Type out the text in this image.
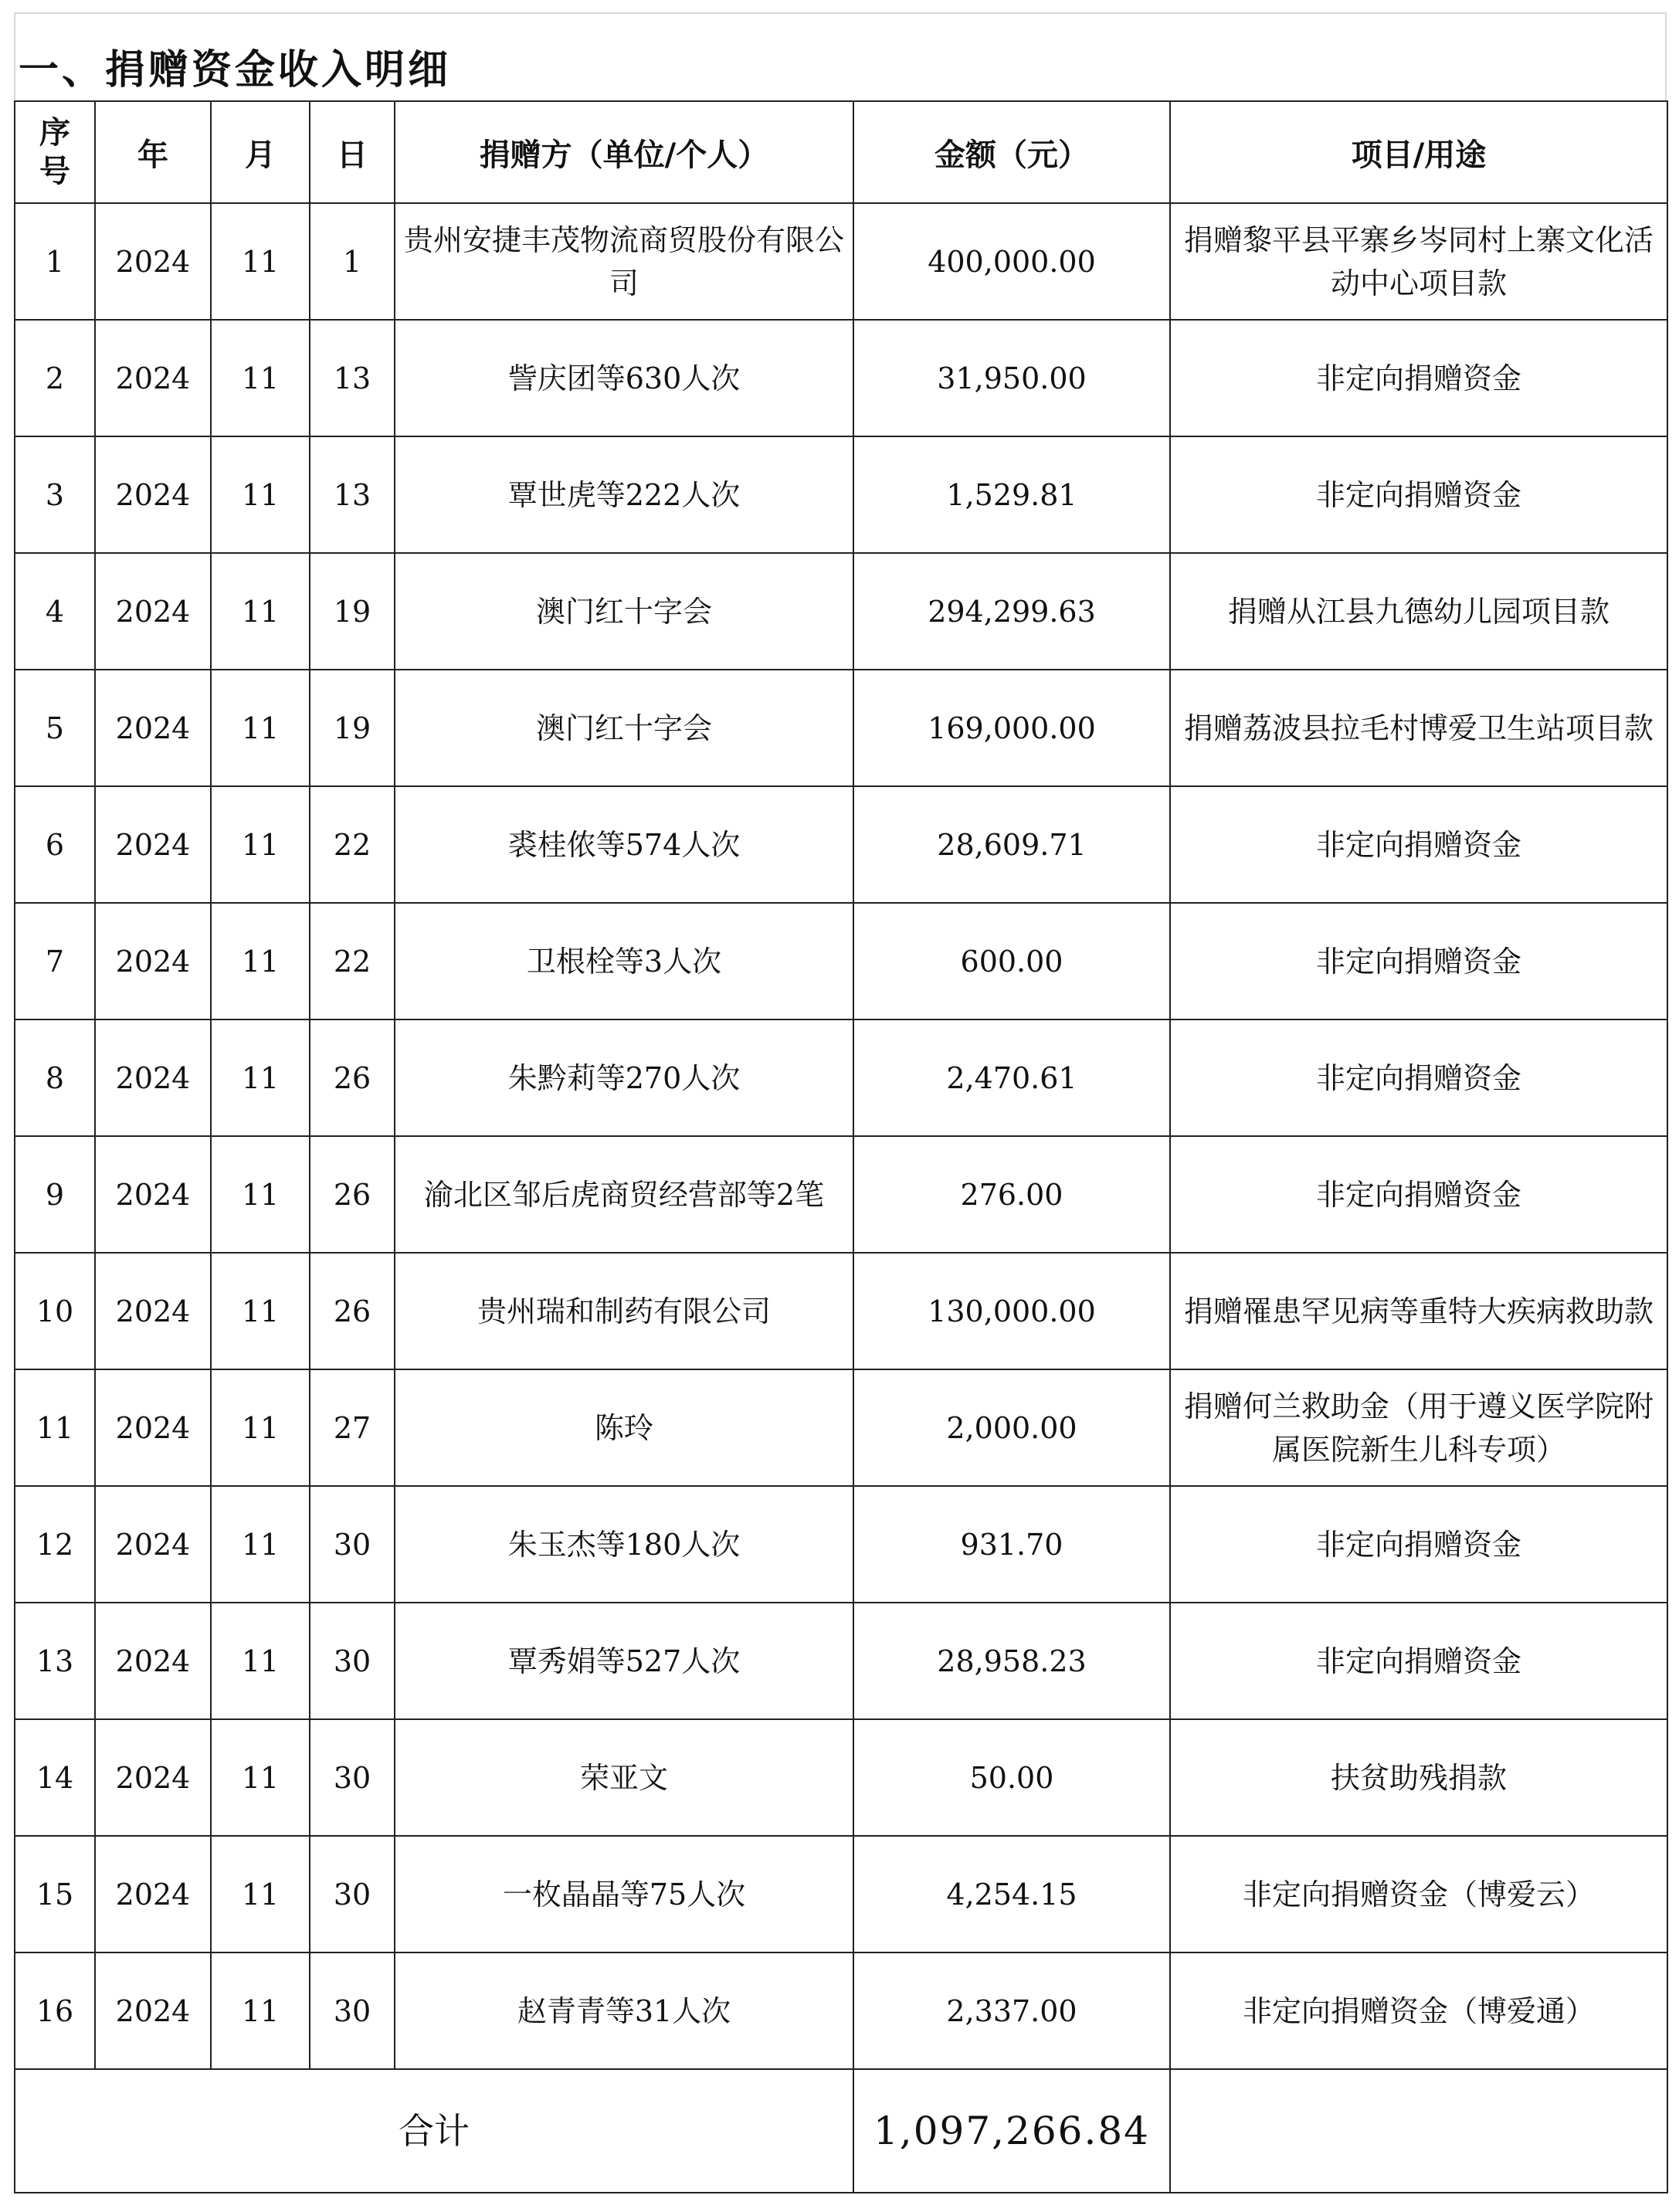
一、捐赠资金收入明细
序
号	年	月	日	捐赠方（单位/个人）	金额（元）	项目/用途
1	2024	11	1	贵州安捷丰茂物流商贸股份有限公司	400,000.00	捐赠黎平县平寨乡岑同村上寨文化活动中心项目款
2	2024	11	13	訾庆团等630人次	31,950.00	非定向捐赠资金
3	2024	11	13	覃世虎等222人次	1,529.81	非定向捐赠资金
4	2024	11	19	澳门红十字会	294,299.63	捐赠从江县九德幼儿园项目款
5	2024	11	19	澳门红十字会	169,000.00	捐赠荔波县拉毛村博爱卫生站项目款
6	2024	11	22	裘桂侬等574人次	28,609.71	非定向捐赠资金
7	2024	11	22	卫根栓等3人次	600.00	非定向捐赠资金
8	2024	11	26	朱黔莉等270人次	2,470.61	非定向捐赠资金
9	2024	11	26	渝北区邹后虎商贸经营部等2笔	276.00	非定向捐赠资金
10	2024	11	26	贵州瑞和制药有限公司	130,000.00	捐赠罹患罕见病等重特大疾病救助款
11	2024	11	27	陈玲	2,000.00	捐赠何兰救助金（用于遵义医学院附属医院新生儿科专项）
12	2024	11	30	朱玉杰等180人次	931.70	非定向捐赠资金
13	2024	11	30	覃秀娟等527人次	28,958.23	非定向捐赠资金
14	2024	11	30	荣亚文	50.00	扶贫助残捐款
15	2024	11	30	一枚晶晶等75人次	4,254.15	非定向捐赠资金（博爱云）
16	2024	11	30	赵青青等31人次	2,337.00	非定向捐赠资金（博爱通）
合计					1,097,266.84	
